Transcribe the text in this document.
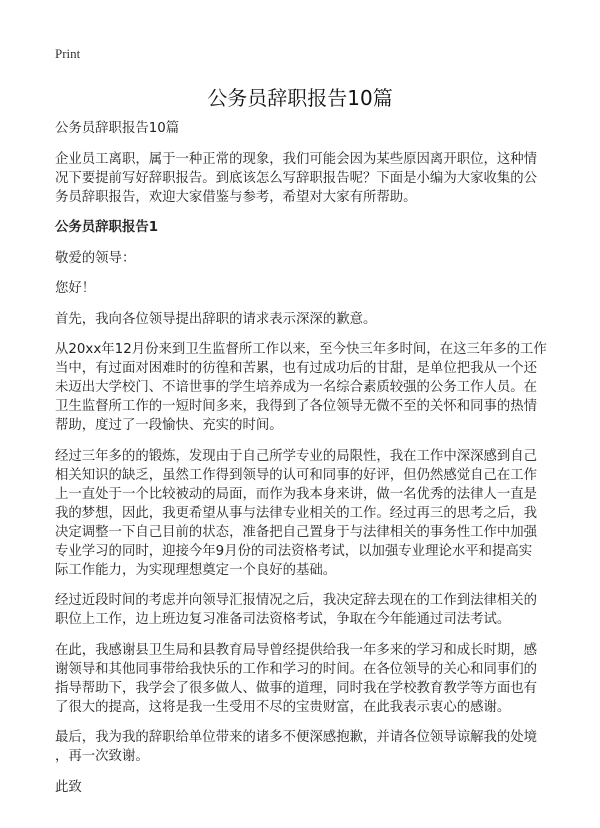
Print
公务员辞职报告10篇

公务员辞职报告10篇

企业员工离职，属于一种正常的现象，我们可能会因为某些原因离开职位，这种情
况下要提前写好辞职报告。到底该怎么写辞职报告呢？下面是小编为大家收集的公
务员辞职报告，欢迎大家借鉴与参考，希望对大家有所帮助。

公务员辞职报告1

敬爱的领导：

您好！

首先，我向各位领导提出辞职的请求表示深深的歉意。

从20xx年12月份来到卫生监督所工作以来，至今快三年多时间，在这三年多的工作
当中，有过面对困难时的彷徨和苦累，也有过成功后的甘甜，是单位把我从一个还
未迈出大学校门、不谙世事的学生培养成为一名综合素质较强的公务工作人员。在
卫生监督所工作的一短时间多来，我得到了各位领导无微不至的关怀和同事的热情
帮助，度过了一段愉快、充实的时间。

经过三年多的的锻炼，发现由于自己所学专业的局限性，我在工作中深深感到自己
相关知识的缺乏，虽然工作得到领导的认可和同事的好评，但仍然感觉自己在工作
上一直处于一个比较被动的局面，而作为我本身来讲，做一名优秀的法律人一直是
我的梦想，因此，我更希望从事与法律专业相关的工作。经过再三的思考之后，我
决定调整一下自己目前的状态，准备把自己置身于与法律相关的事务性工作中加强
专业学习的同时，迎接今年9月份的司法资格考试，以加强专业理论水平和提高实
际工作能力，为实现理想奠定一个良好的基础。

经过近段时间的考虑并向领导汇报情况之后，我决定辞去现在的工作到法律相关的
职位上工作，边上班边复习准备司法资格考试，争取在今年能通过司法考试。

在此，我感谢县卫生局和县教育局导曾经提供给我一年多来的学习和成长时期，感
谢领导和其他同事带给我快乐的工作和学习的时间。在各位领导的关心和同事们的
指导帮助下，我学会了很多做人、做事的道理，同时我在学校教育教学等方面也有
了很大的提高，这将是我一生受用不尽的宝贵财富，在此我表示衷心的感谢。

最后，我为我的辞职给单位带来的诸多不便深感抱歉，并请各位领导谅解我的处境
，再一次致谢。

此致
